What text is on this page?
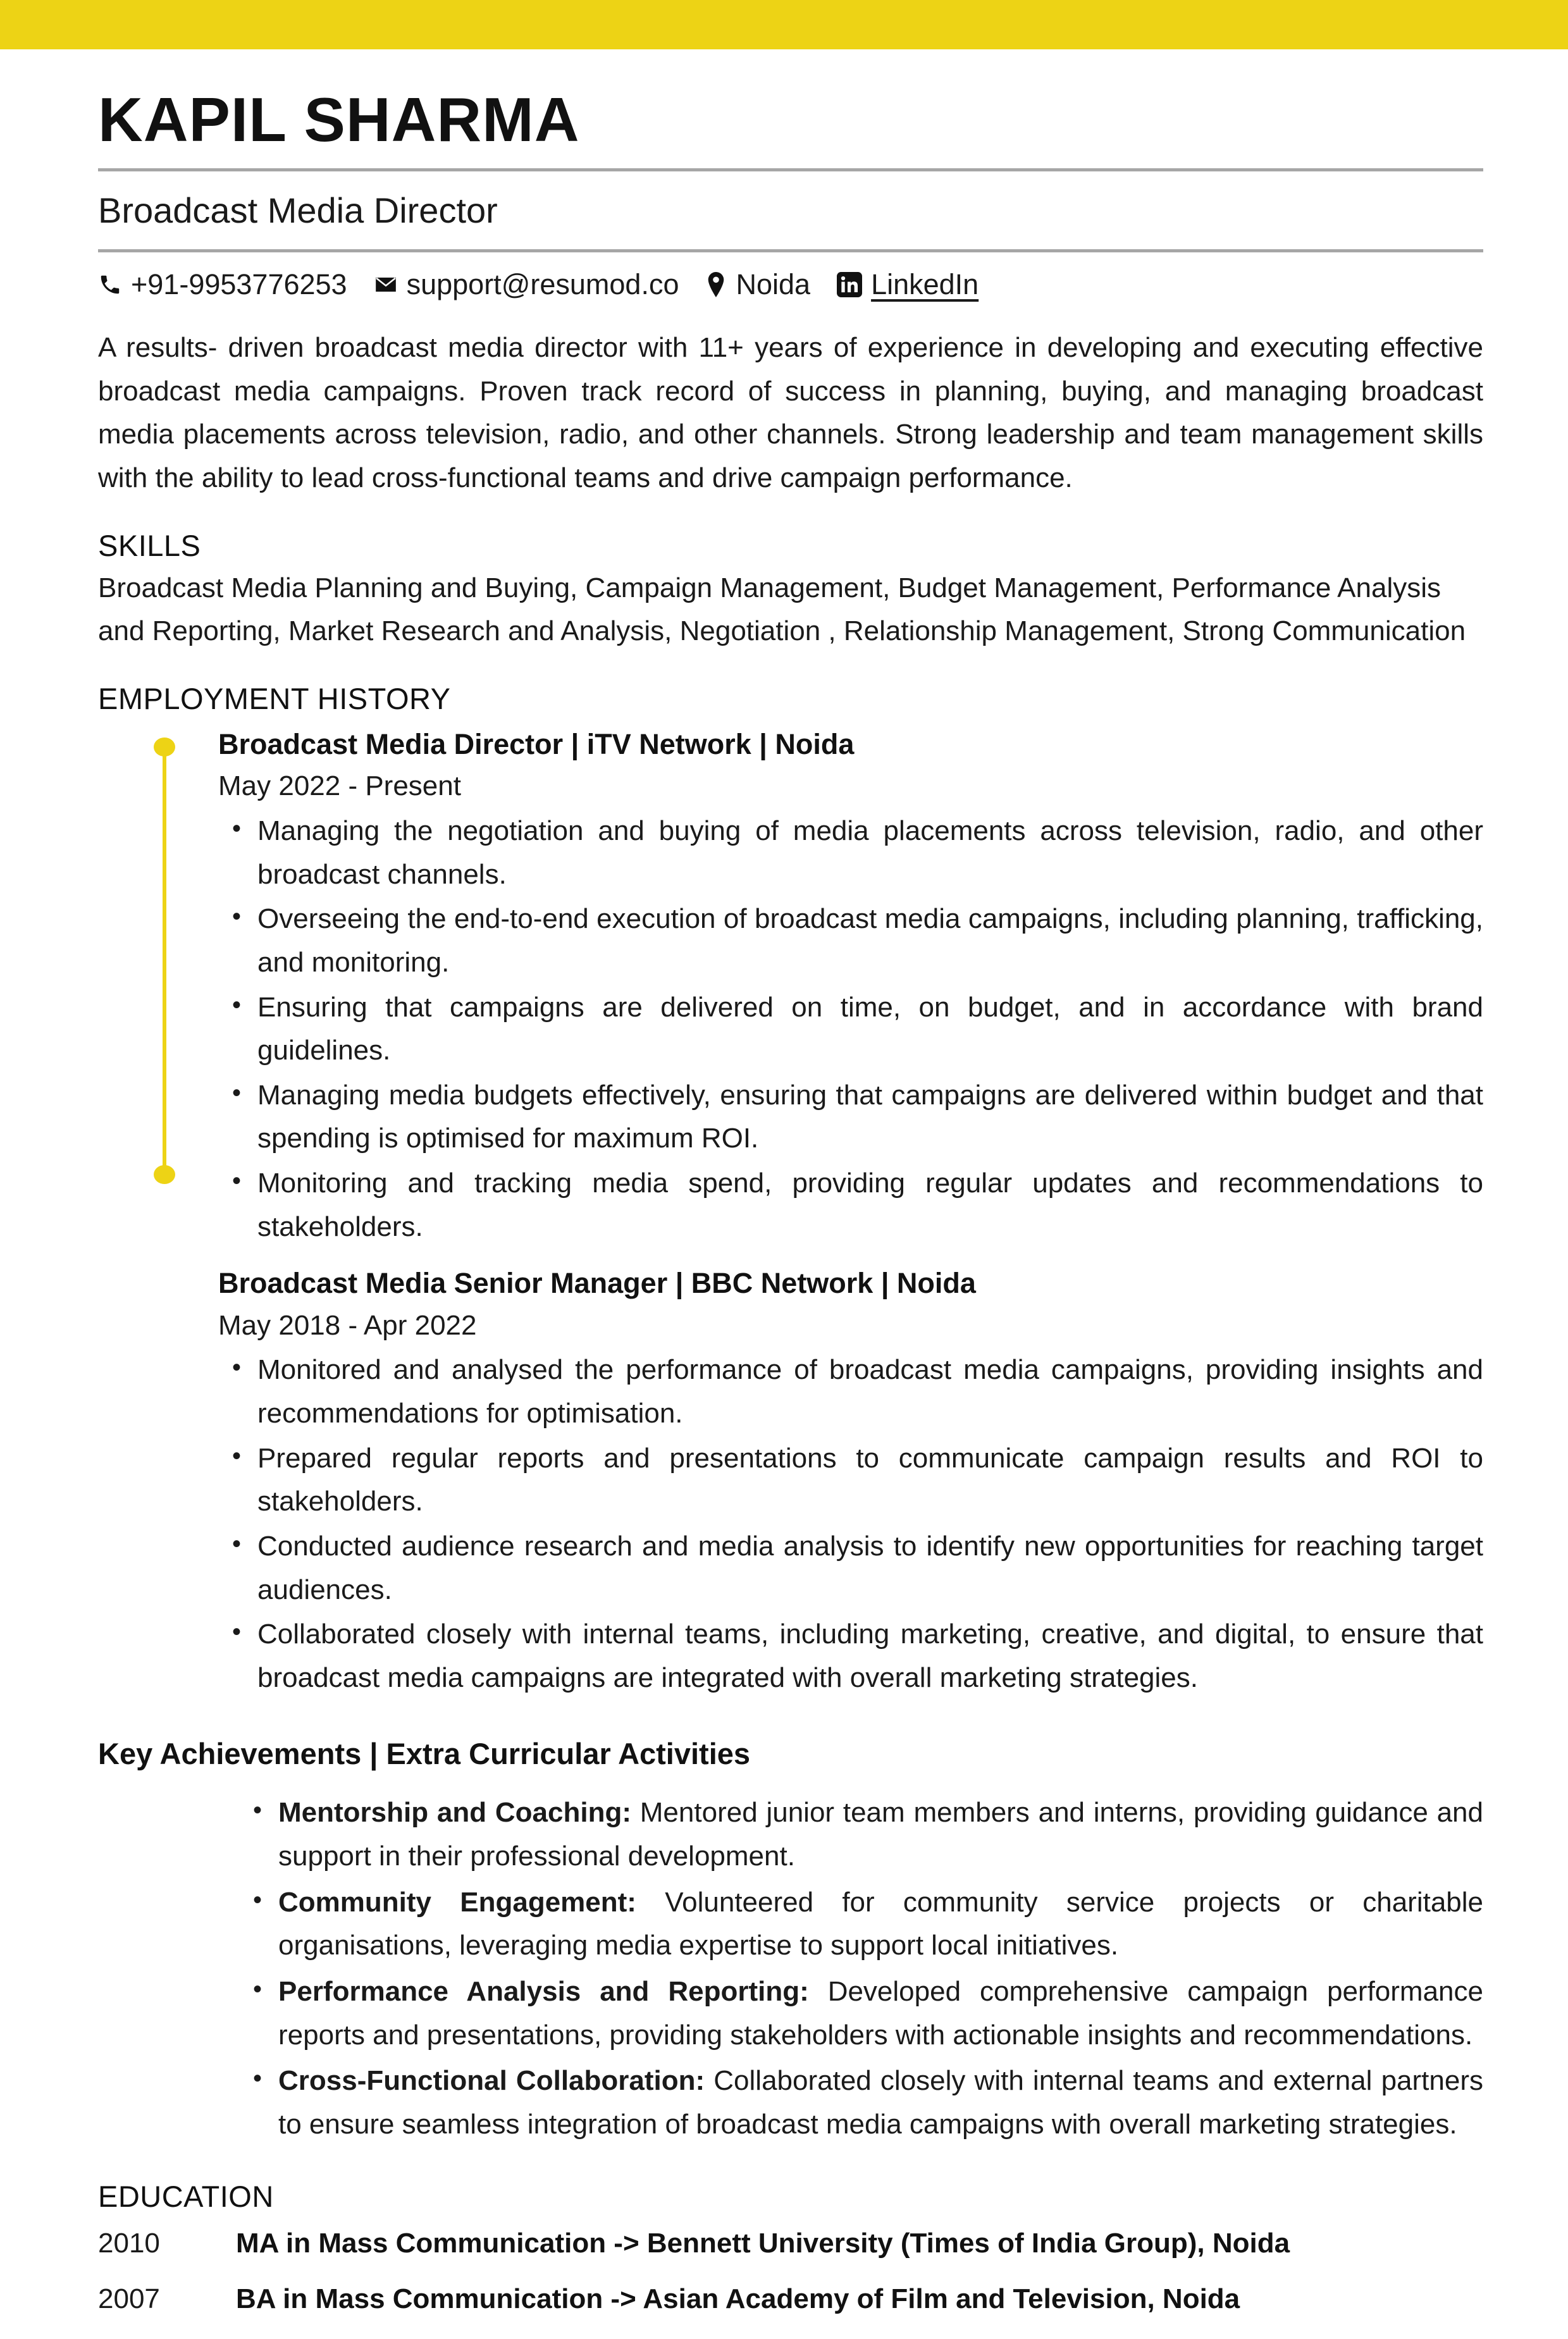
KAPIL SHARMA
Broadcast Media Director
+91-9953776253 support@resumod.co Noida LinkedIn

A results- driven broadcast media director with 11+ years of experience in developing and executing effective broadcast media campaigns. Proven track record of success in planning, buying, and managing broadcast media placements across television, radio, and other channels. Strong leadership and team management skills with the ability to lead cross-functional teams and drive campaign performance.

SKILLS

Broadcast Media Planning and Buying, Campaign Management, Budget Management, Performance Analysis and Reporting, Market Research and Analysis, Negotiation , Relationship Management, Strong Communication

EMPLOYMENT HISTORY
Broadcast Media Director | iTV Network | Noida
May 2022 - Present
• Managing the negotiation and buying of media placements across television, radio, and other broadcast channels.
• Overseeing the end-to-end execution of broadcast media campaigns, including planning, trafficking, and monitoring.
• Ensuring that campaigns are delivered on time, on budget, and in accordance with brand guidelines.
• Managing media budgets effectively, ensuring that campaigns are delivered within budget and that spending is optimised for maximum ROI.
• Monitoring and tracking media spend, providing regular updates and recommendations to stakeholders.
Broadcast Media Senior Manager | BBC Network | Noida
May 2018 - Apr 2022
• Monitored and analysed the performance of broadcast media campaigns, providing insights and recommendations for optimisation.
• Prepared regular reports and presentations to communicate campaign results and ROI to stakeholders.
• Conducted audience research and media analysis to identify new opportunities for reaching target audiences.
• Collaborated closely with internal teams, including marketing, creative, and digital, to ensure that broadcast media campaigns are integrated with overall marketing strategies.
Key Achievements | Extra Curricular Activities
• Mentorship and Coaching: Mentored junior team members and interns, providing guidance and support in their professional development.
• Community Engagement: Volunteered for community service projects or charitable organisations, leveraging media expertise to support local initiatives.
• Performance Analysis and Reporting: Developed comprehensive campaign performance reports and presentations, providing stakeholders with actionable insights and recommendations.
• Cross-Functional Collaboration: Collaborated closely with internal teams and external partners to ensure seamless integration of broadcast media campaigns with overall marketing strategies.
EDUCATION
2010	MA in Mass Communication -> Bennett University (Times of India Group), Noida
2007	BA in Mass Communication -> Asian Academy of Film and Television, Noida
